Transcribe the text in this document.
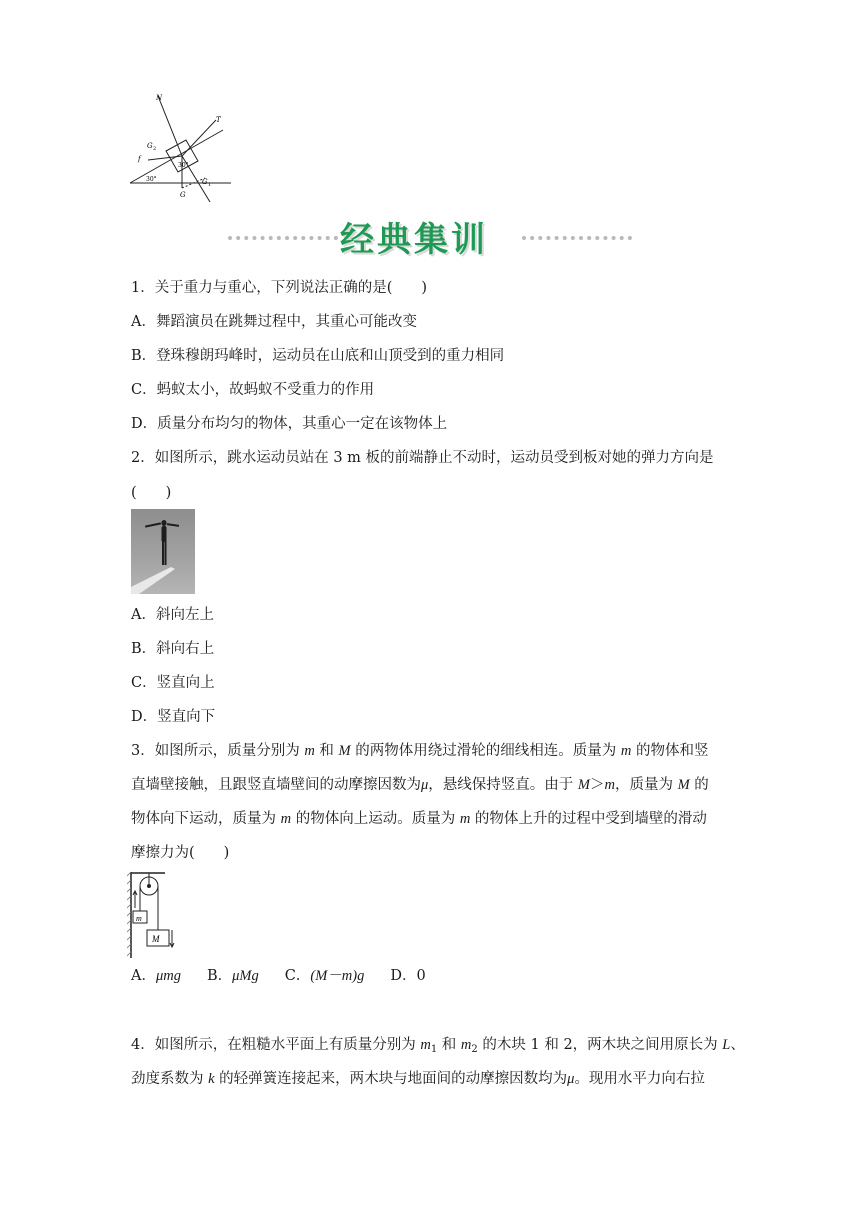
N
T
G 2
f
30°
30°
G
G 1
经典集训
1．关于重力与重心，下列说法正确的是(　　)
A．舞蹈演员在跳舞过程中，其重心可能改变
B．登珠穆朗玛峰时，运动员在山底和山顶受到的重力相同
C．蚂蚁太小，故蚂蚁不受重力的作用
D．质量分布均匀的物体，其重心一定在该物体上
2．如图所示，跳水运动员站在 3 m 板的前端静止不动时，运动员受到板对她的弹力方向是
(　　)
A．斜向左上
B．斜向右上
C．竖直向上
D．竖直向下
3．如图所示，质量分别为 m 和 M 的两物体用绕过滑轮的细线相连。质量为 m 的物体和竖
直墙壁接触，且跟竖直墙壁间的动摩擦因数为μ，悬线保持竖直。由于 M＞m，质量为 M 的
物体向下运动，质量为 m 的物体向上运动。质量为 m 的物体上升的过程中受到墙壁的滑动
摩擦力为(　　)
m
M
A．μmg B．μMg C．(M－m)g D．0
4．如图所示，在粗糙水平面上有质量分别为 $m_1$ 和 $m_2$ 的木块 1 和 2，两木块之间用原长为 L、
劲度系数为 k 的轻弹簧连接起来，两木块与地面间的动摩擦因数均为μ。现用水平力向右拉
